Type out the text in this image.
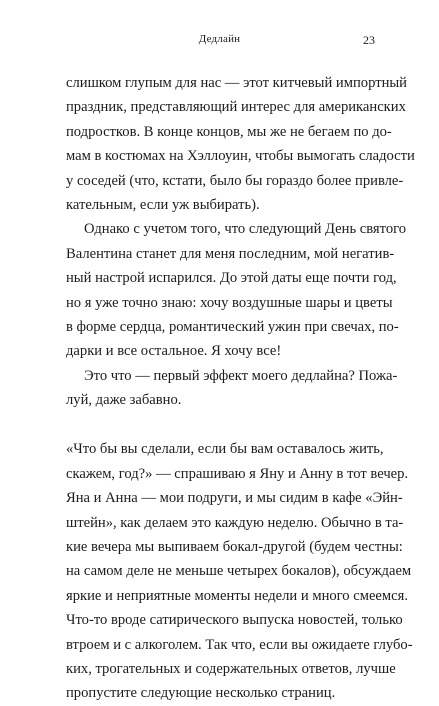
Дедлайн	23
слишком глупым для нас — этот китчевый импортный
праздник, представляющий интерес для американских
подростков. В конце концов, мы же не бегаем по до-
мам в костюмах на Хэллоуин, чтобы вымогать сладости
у соседей (что, кстати, было бы гораздо более привле-
кательным, если уж выбирать).
Однако с учетом того, что следующий День святого
Валентина станет для меня последним, мой негатив-
ный настрой испарился. До этой даты еще почти год,
но я уже точно знаю: хочу воздушные шары и цветы
в форме сердца, романтический ужин при свечах, по-
дарки и все остальное. Я хочу все!
Это что — первый эффект моего дедлайна? Пожа-
луй, даже забавно.
«Что бы вы сделали, если бы вам оставалось жить,
скажем, год?» — спрашиваю я Яну и Анну в тот вечер.
Яна и Анна — мои подруги, и мы сидим в кафе «Эйн-
штейн», как делаем это каждую неделю. Обычно в та-
кие вечера мы выпиваем бокал-другой (будем честны:
на самом деле не меньше четырех бокалов), обсуждаем
яркие и неприятные моменты недели и много смеемся.
Что-то вроде сатирического выпуска новостей, только
втроем и с алкоголем. Так что, если вы ожидаете глубо-
ких, трогательных и содержательных ответов, лучше
пропустите следующие несколько страниц.
